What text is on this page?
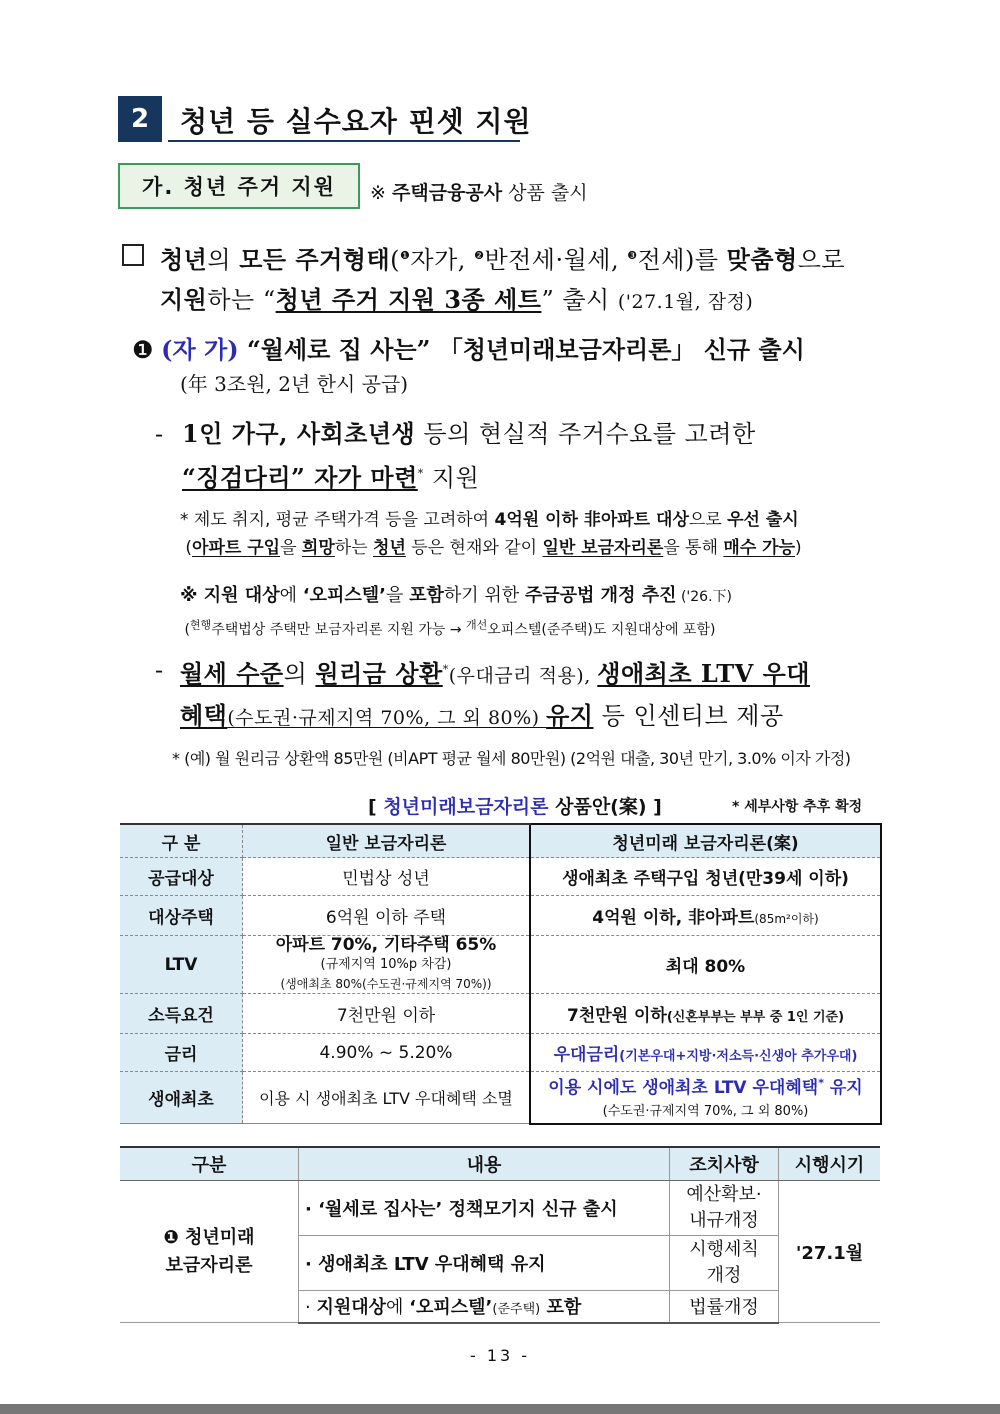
2	청년 등 실수요자 핀셋 지원
가. 청년 주거 지원	※ 주택금융공사 상품 출시
청년의 모든 주거형태($^❶$자가, $^❷$반전세·월세, $^❸$전세)를 맞춤형으로
지원하는 “청년 주거 지원 3종 세트” 출시 ('27.1월, 잠정)
❶ (자 가) “월세로 집 사는” 「청년미래보금자리론」 신규 출시
(年 3조원, 2년 한시 공급)
- 1인 가구, 사회초년생 등의 현실적 주거수요를 고려한
“징검다리” 자가 마련* 지원
* 제도 취지, 평균 주택가격 등을 고려하여 4억원 이하 非아파트 대상으로 우선 출시
(아파트 구입을 희망하는 청년 등은 현재와 같이 일반 보금자리론을 통해 매수 가능)
※ 지원 대상에 ‘오피스텔’을 포함하기 위한 주금공법 개정 추진 ('26.下)
($^{현행}$주택법상 주택만 보금자리론 지원 가능 → $^{개선}$오피스텔(준주택)도 지원대상에 포함)
- 월세 수준의 원리금 상환*(우대금리 적용), 생애최초 LTV 우대
혜택(수도권·규제지역 70%, 그 외 80%) 유지 등 인센티브 제공
* (예) 월 원리금 상환액 85만원 (비APT 평균 월세 80만원) (2억원 대출, 30년 만기, 3.0% 이자 가정)
[ 청년미래보금자리론 상품안(案) ]	* 세부사항 추후 확정
구 분	일반 보금자리론	청년미래 보금자리론(案)
공급대상	민법상 성년	생애최초 주택구입 청년(만39세 이하)
대상주택	6억원 이하 주택	4억원 이하, 非아파트(85m²이하)
LTV	아파트 70%, 기타주택 65%
(규제지역 10%p 차감)
(생애최초 80%(수도권·규제지역 70%))	최대 80%
소득요건	7천만원 이하	7천만원 이하(신혼부부는 부부 중 1인 기준)
금리	4.90% ~ 5.20%	우대금리(기본우대+지방·저소득·신생아 추가우대)
생애최초	이용 시 생애최초 LTV 우대혜택 소멸	이용 시에도 생애최초 LTV 우대혜택* 유지
(수도권·규제지역 70%, 그 외 80%)
구분	내용	조치사항	시행시기
❶ 청년미래
보금자리론	· ‘월세로 집사는’ 정책모기지 신규 출시	예산확보·
내규개정	'27.1월
	· 생애최초 LTV 우대혜택 유지	시행세칙
개정	
	· 지원대상에 ‘오피스텔’(준주택) 포함	법률개정	
- 13 -
